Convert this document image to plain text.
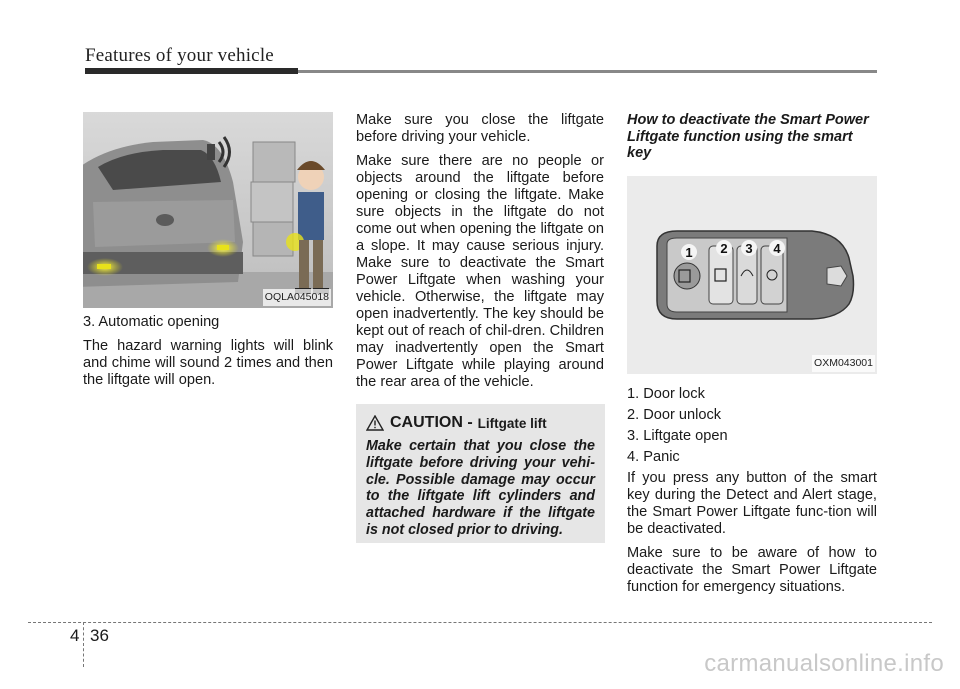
Features of your vehicle
OQLA045018

3. Automatic opening

The hazard warning lights will blink and chime will sound 2 times and then the liftgate will open.

Make sure you close the liftgate before driving your vehicle.

Make sure there are no people or objects around the liftgate before opening or closing the liftgate. Make sure objects in the liftgate do not come out when opening the liftgate on a slope. It may cause serious injury. Make sure to deactivate the Smart Power Liftgate when washing your vehicle. Otherwise, the liftgate may open inadvertently. The key should be kept out of reach of chil-dren. Children may inadvertently open the Smart Power Liftgate while playing around the rear area of the vehicle.

CAUTION - Liftgate lift
Make certain that you close the liftgate before driving your vehi-cle. Possible damage may occur to the liftgate lift cylinders and attached hardware if the liftgate is not closed prior to driving.
How to deactivate the Smart Power Liftgate function using the smart key
1 2 3 4
OXM043001

1. Door lock

2. Door unlock

3. Liftgate open

4. Panic

If you press any button of the smart key during the Detect and Alert stage, the Smart Power Liftgate func-tion will be deactivated.

Make sure to be aware of how to deactivate the Smart Power Liftgate function for emergency situations.

4 36
carmanualsonline.info
